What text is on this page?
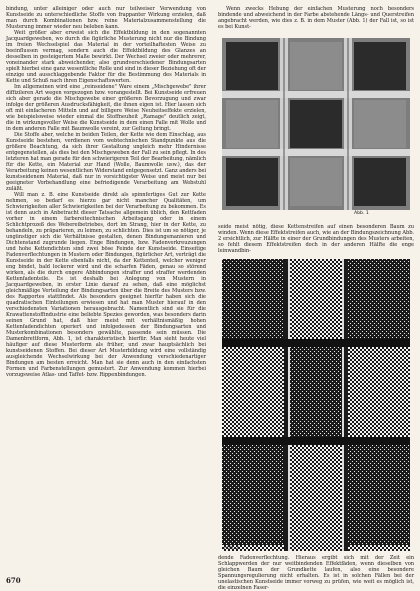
bindung, unter alleiniger oder auch nur teilweiser Verwendung von Kunstseide zu unterschiedliche Stoffe von frappanter Wirkung erzielen, daß man durch Kombinationen bzw. reine Materialzusammenstellung die Musterung immer wieder neu beleben kann.

Weit größer aber erweist sich die Effektbildung in den sogenannten Jacquardgeweben, wo durch die figürliche Musterung nicht nur die Bindung im freien Wechselspiel das Material in der vorteilhaftesten Weise zu beeinflussen vermag, sondern auch die Effektbildung des Glanzes an desselben in gesteigertem Maße bewirkt. Der Wechsel zweier oder mehrerer, voneinander stark abweichender, also grundverschiedener Bindungsarten spielt hierbei eine ganz wesentliche Rolle und sind in dieser Beziehung oft der einzige und ausschlaggebende Faktor für die Bestimmung des Materials in Kette und Schuß nach ihren Eigenschaftswerten.

Im allgemeinen wird eine „reinseidene" Ware einem „Mischgewebe" ihrer diffizileren Art wegen vorgezogen bzw. vorangestellt. Bei Kunstseide erfreuen sich aber gerade die Mischgewebe einer größeren Bevorzugung und zwar infolge der größeren Ausdrucksfähigkeit, die ihnen eigen ist. Hier lassen sich oft mit einfacheren Mitteln und auf billigere Weise Neuheitseffekte erzielen, wie beispielsweise wieder einmal die Stoffneuheit „Ramage" deutlich zeigt, die in wirkungsvoller Weise die Kunstseide in dem einen Falle mit Wolle und in dem anderen Falle mit Baumwolle vereint, zur Geltung bringt.

Die Stoffe aber, welche in beiden Teilen, der Kette wie dem Einschlag, aus Kunstseide bestehen, verdienen vom webtechnischen Standpunkte aus die größere Beachtung, da sich ihrer Gestaltung ungleich mehr Hindernisse entgegenstellen, als dies bei den Mischgeweben der Fall zu sein pflegt. In des letzteren hat man gerade für den schwierigeren Teil der Bearbeitung, nämlich für die Kette, ein Material zur Hand (Wolle, Baumwolle usw.), das der Verarbeitung keinen wesentlichen Widerstand entgegensetzt. Ganz anders bei kunstseidenem Material, daß nur in vorsichtigster Weise und meist nur bei geeigneter Vorbehandlung eine befriedigende Verarbeitung am Webstuhl zuläßt.

Will man z. B. eine Kunstseide direkt als spinnfertiges Gut zur Kette nehmen, so bedarf es hierzu gar nicht mancher Qualitäten, um Schwierigkeiten aller Schwierigkeiten bei der Verarbeitung zu bekommen. Es ist denn auch in Anbetracht dieser Tatsache allgemein üblich, den Kettfaden vorher in einem farbereitechnischen Arbeitsgang oder in einem Schlichtprozeß des Webereibetriebes, dort im Strang, hier in der Kette, zu behandeln, zu präparieren, zu leimen, zu schlichten. Dies ist um so nötiger, je ungünstiger sich die Verhältnisse gestalten, denen Bindungsmanieren und Dichtenstand zugrunde liegen. Enge Bindungen, bzw. Fadenverkreuzungen und hohe Kettendichten sind zwei böse Feinde der Kunstseide. Einseitige Fadenverflechtungen in Mustern oder Bindungen, figürlicher Art, verträgt die Kunstseide in der Kette ebenfalls nicht, da der Kettenteil, welcher weniger eng bindet, bald lockerer wird und die scharfen Fäden, genau so störend wirken, als die durch engere Abbindungen straffer und straffer werdenden Kettenfadenteile. Es ist deshalb bei Anlegung von Mustern in Jacquardgeweben, in erster Linie darauf zu sehen, daß eine möglichst gleichmäßige Verteilung der Bindungsarten über die Breite des Musters bzw. des Rapportes stattfindet. Als besonders geeignet hierfür haben sich die quadratischen Einteilungen erwiesen und hat man Muster hierauf in den verschiedensten Variationen herausgebracht. Namentlich sind sie für die Krawattenstoffindustrie eine beliebte Spezies geworden, was besonders darin seinen Grund hat, daß hier meist mit verhältnismäßig hohen Kettenfadendichten operiert und infolgedessen der Bindungsarten und Musterkombinationen besonders gewählte, passende sein müssen. Die Damenbrettform, Abb. 1, ist charakteristisch hierfür. Man sieht heute viel häufiger auf diese Musterform als früher, und zwar hauptsächlich bei kunstseidenen Stoffen. Bei dieser Art Musterbildung wird eine vollständig ausgleichende Wechselwirkung bei der Anwendung verschiedenartiger Bindungen am besten erreicht. Man hat sie denn auch in den einfachsten Formen und Farbenstellungen gemustert. Zur Anwendung kommen hierbei vorzugsweise Atlas- und Taffet- bzw. Rippenbindungen.

Wenn zwecks Hebung der einfachen Musterung noch besonders bindende und abweichend in der Farbe abstehende Längs- und Querstreifen angebracht werden, wie dies z. B. in dem Muster (Abb. 1) der Fall ist, so ist es bei Kunst-

Abb. 1

seide meist nötig, diese Kettenstreifen auf einen besonderen Baum zu winden. Wenn diese Effektstreifen auch, wie an der Bindungszeichnung Abb. 2 ersichtlich, zur Hälfte in einer der Grundbindungen des Musters arbeiten, so fehlt diesem Effektstreifen doch in der anderen Hälfte die enge leinwandbin-

Abb. 2

dende Fadenverflechtung. Hieraus ergibt sich mit der Zeit ein Schlappwerden der nur weitbindenden Effektfäden, wenn dieselben von gleichen Baum der Grundkette laufen, also eine besondere Spannungsregulierung nicht erhalten. Es ist in solchen Fällen bei der unelastischen Kunstseide immer vorweg zu prüfen, wie weit es möglich ist, die einzelnen Faser-

670
